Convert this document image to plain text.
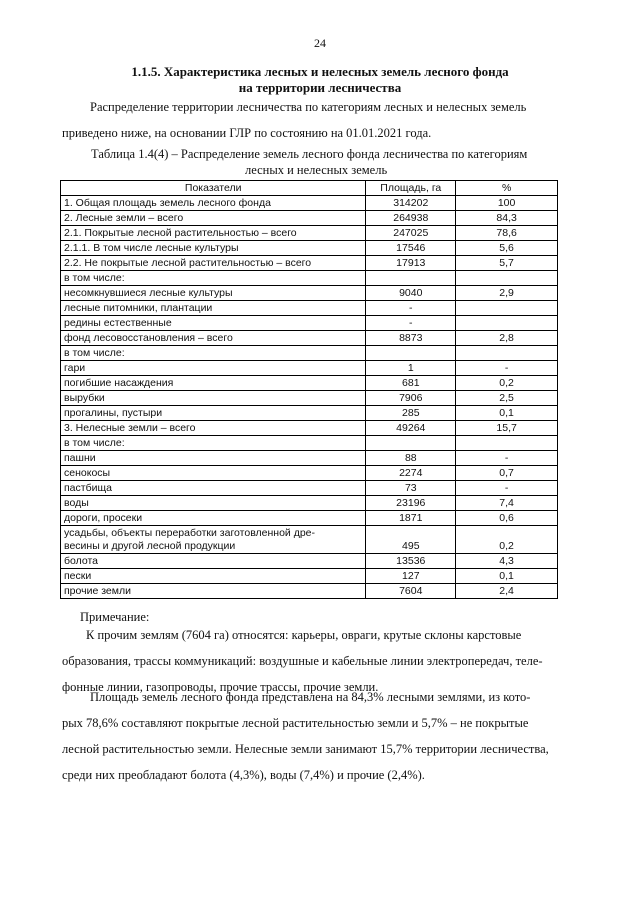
24
1.1.5. Характеристика лесных и нелесных земель лесного фонда
на территории лесничества
Распределение территории лесничества по категориям лесных и нелесных земель
приведено ниже, на основании ГЛР по состоянию на 01.01.2021 года.
Таблица 1.4(4) – Распределение земель лесного фонда лесничества по категориям
лесных и нелесных земель
Показатели	Площадь, га	%
1. Общая площадь земель лесного фонда	314202	100
2. Лесные земли – всего	264938	84,3
2.1. Покрытые лесной растительностью – всего	247025	78,6
2.1.1. В том числе лесные культуры	17546	5,6
2.2. Не покрытые лесной растительностью – всего	17913	5,7
в том числе:		
несомкнувшиеся лесные культуры	9040	2,9
лесные питомники, плантации	-	
редины естественные	-	
фонд лесовосстановления – всего	8873	2,8
в том числе:		
гари	1	-
погибшие насаждения	681	0,2
вырубки	7906	2,5
прогалины, пустыри	285	0,1
3. Нелесные земли – всего	49264	15,7
в том числе:		
пашни	88	-
сенокосы	2274	0,7
пастбища	73	-
воды	23196	7,4
дороги, просеки	1871	0,6

усадьбы, объекты переработки заготовленной дре-
весины и другой лесной продукции	495	0,2
болота	13536	4,3
пески	127	0,1
прочие земли	7604	2,4
Примечание:
К прочим землям (7604 га) относятся: карьеры, овраги, крутые склоны карстовые
образования, трассы коммуникаций: воздушные и кабельные линии электропередач, теле-
фонные линии, газопроводы, прочие трассы, прочие земли.
Площадь земель лесного фонда представлена на 84,3% лесными землями, из кото-
рых 78,6% составляют покрытые лесной растительностью земли и 5,7% – не покрытые
лесной растительностью земли. Нелесные земли занимают 15,7% территории лесничества,
среди них преобладают болота (4,3%), воды (7,4%) и прочие (2,4%).
